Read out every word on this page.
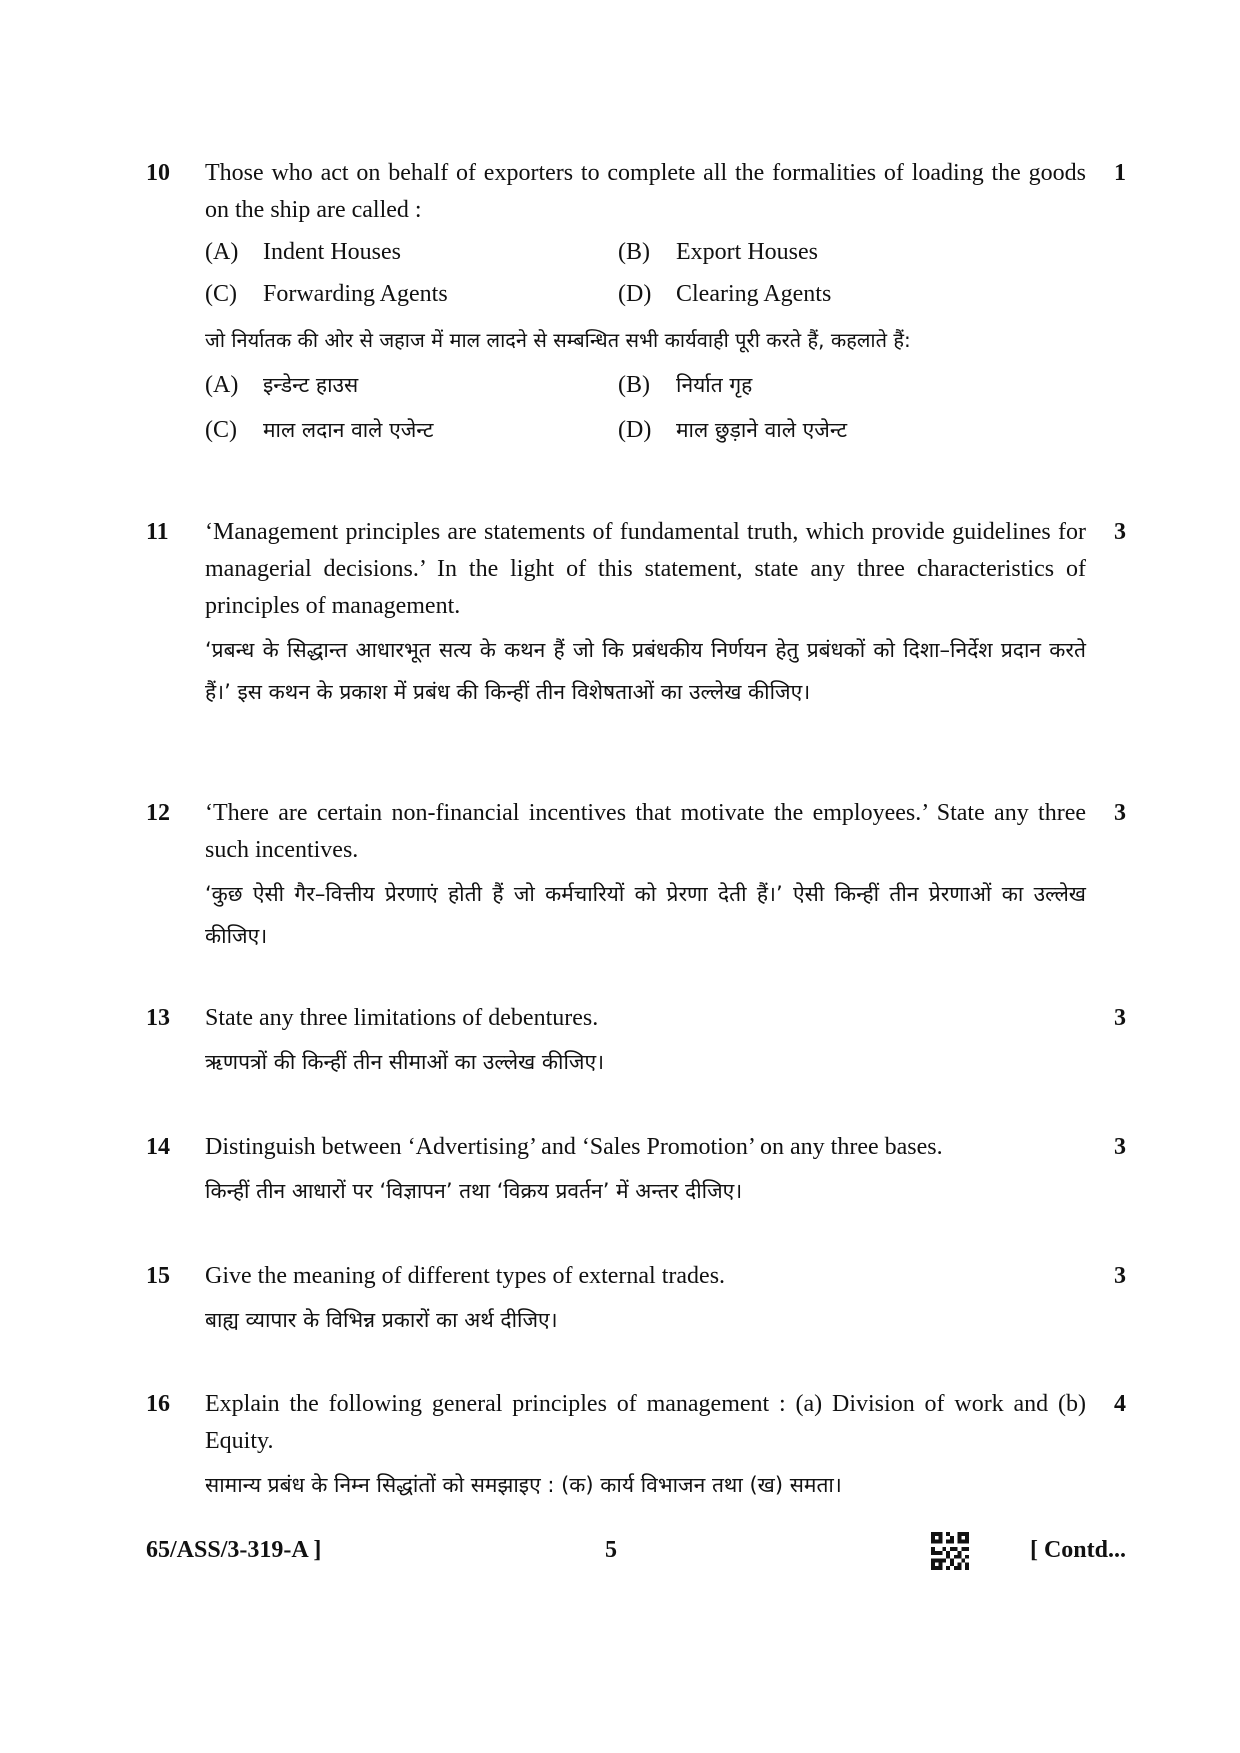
10	1
Those who act on behalf of exporters to complete all the formalities of loading the goods on the ship are called :
(A)	Indent Houses	(B)	Export Houses
(C)	Forwarding Agents	(D)	Clearing Agents
जो निर्यातक की ओर से जहाज में माल लादने से सम्बन्धित सभी कार्यवाही पूरी करते हैं, कहलाते हैं:
(A)	इन्डेन्ट हाउस	(B)	निर्यात गृह
(C)	माल लदान वाले एजेन्ट	(D)	माल छुड़ाने वाले एजेन्ट
11	3
‘Management principles are statements of fundamental truth, which provide guidelines for managerial decisions.’ In the light of this statement, state any three characteristics of principles of management.
‘प्रबन्ध के सिद्धान्त आधारभूत सत्य के कथन हैं जो कि प्रबंधकीय निर्णयन हेतु प्रबंधकों को दिशा–निर्देश प्रदान करते हैं।’ इस कथन के प्रकाश में प्रबंध की किन्हीं तीन विशेषताओं का उल्लेख कीजिए।
12	3
‘There are certain non-financial incentives that motivate the employees.’ State any three such incentives.
‘कुछ ऐसी गैर–वित्तीय प्रेरणाएं होती हैं जो कर्मचारियों को प्रेरणा देती हैं।’ ऐसी किन्हीं तीन प्रेरणाओं का उल्लेख कीजिए।
13	3
State any three limitations of debentures.
ऋणपत्रों की किन्हीं तीन सीमाओं का उल्लेख कीजिए।
14	3
Distinguish between ‘Advertising’ and ‘Sales Promotion’ on any three bases.
किन्हीं तीन आधारों पर ‘विज्ञापन’ तथा ‘विक्रय प्रवर्तन’ में अन्तर दीजिए।
15	3
Give the meaning of different types of external trades.
बाह्य व्यापार के विभिन्न प्रकारों का अर्थ दीजिए।
16	4
Explain the following general principles of management : (a) Division of work and (b) Equity.
सामान्य प्रबंध के निम्न सिद्धांतों को समझाइए : (क) कार्य विभाजन तथा (ख) समता।
65/ASS/3-319-A ]	5	[ Contd...
